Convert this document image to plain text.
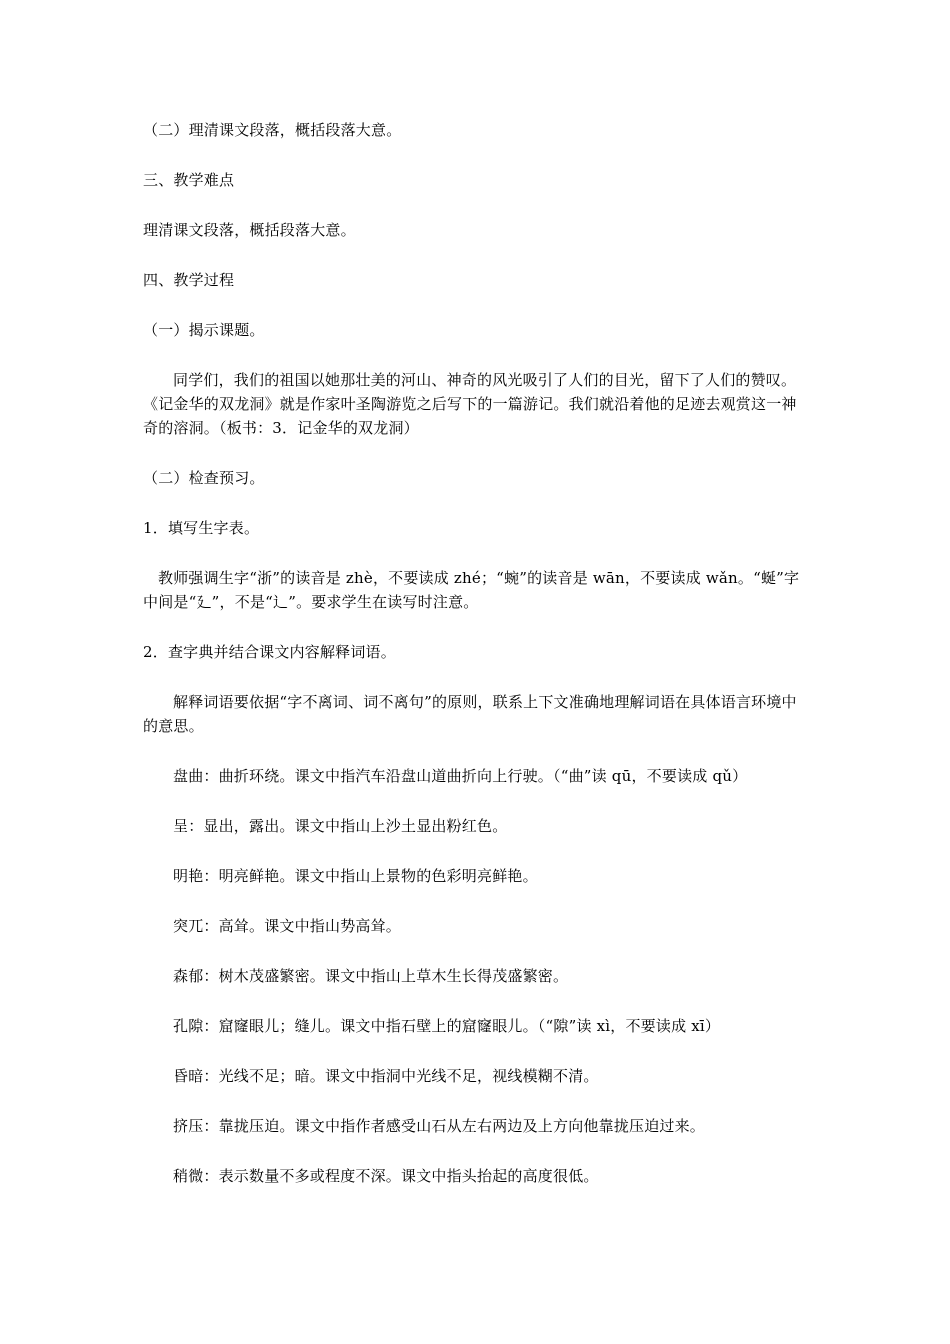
（二）理清课文段落，概括段落大意。

三、教学难点

理清课文段落，概括段落大意。

四、教学过程

（一）揭示课题。

同学们，我们的祖国以她那壮美的河山、神奇的风光吸引了人们的目光，留下了人们的赞叹。《记金华的双龙洞》就是作家叶圣陶游览之后写下的一篇游记。我们就沿着他的足迹去观赏这一神奇的溶洞。（板书：3．记金华的双龙洞）

（二）检查预习。

1．填写生字表。

教师强调生字“浙”的读音是 zhè，不要读成 zhé；“蜿”的读音是 wān，不要读成 wǎn。“蜒”字中间是“廴”，不是“辶”。要求学生在读写时注意。

2．查字典并结合课文内容解释词语。

解释词语要依据“字不离词、词不离句”的原则，联系上下文准确地理解词语在具体语言环境中的意思。

盘曲：曲折环绕。课文中指汽车沿盘山道曲折向上行驶。（“曲”读 qū，不要读成 qǔ）

呈：显出，露出。课文中指山上沙土显出粉红色。

明艳：明亮鲜艳。课文中指山上景物的色彩明亮鲜艳。

突兀：高耸。课文中指山势高耸。

森郁：树木茂盛繁密。课文中指山上草木生长得茂盛繁密。

孔隙：窟窿眼儿；缝儿。课文中指石壁上的窟窿眼儿。（“隙”读 xì，不要读成 xī）

昏暗：光线不足；暗。课文中指洞中光线不足，视线模糊不清。

挤压：靠拢压迫。课文中指作者感受山石从左右两边及上方向他靠拢压迫过来。

稍微：表示数量不多或程度不深。课文中指头抬起的高度很低。
